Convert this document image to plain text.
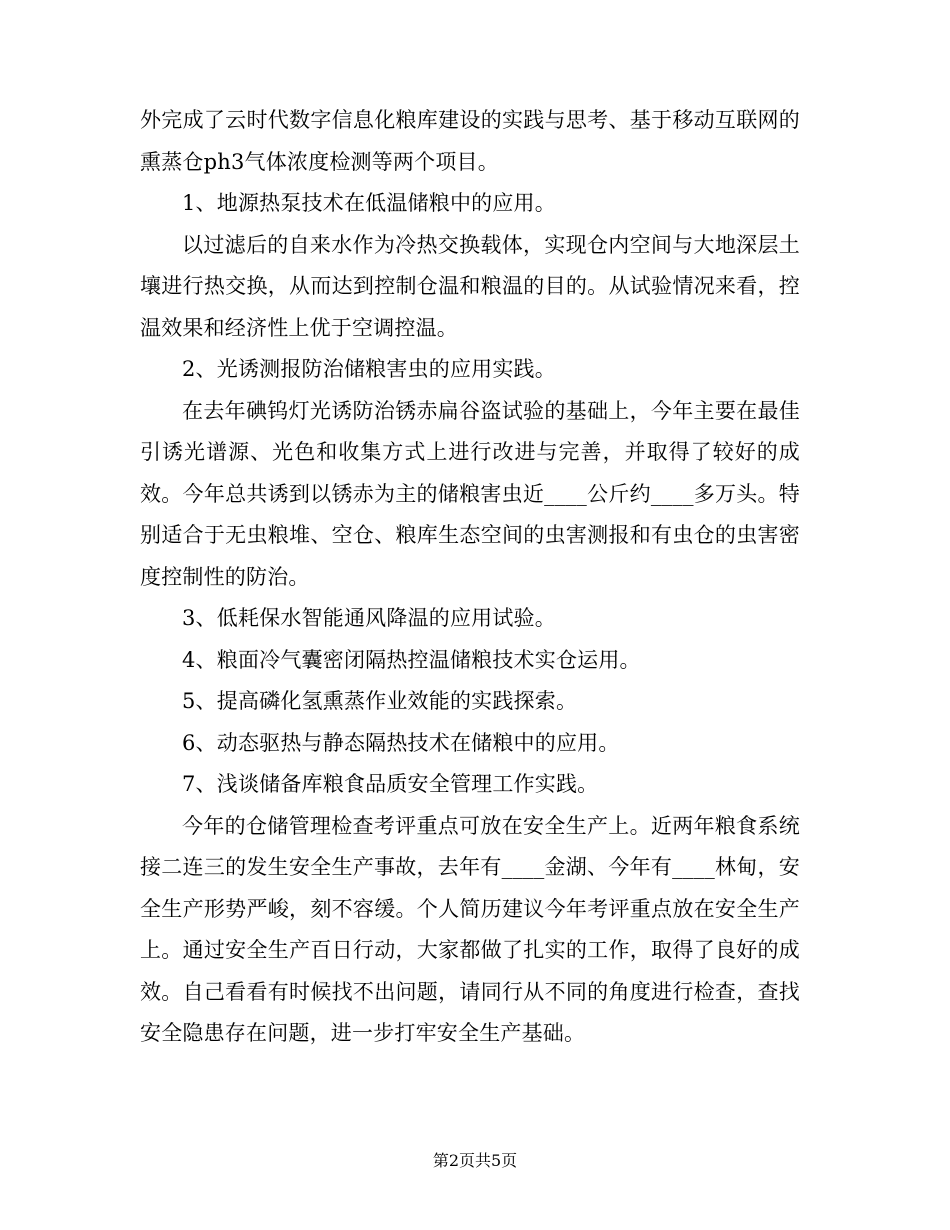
外完成了云时代数字信息化粮库建设的实践与思考、基于移动互联网的熏蒸仓ph3气体浓度检测等两个项目。

1、地源热泵技术在低温储粮中的应用。

以过滤后的自来水作为冷热交换载体，实现仓内空间与大地深层土壤进行热交换，从而达到控制仓温和粮温的目的。从试验情况来看，控温效果和经济性上优于空调控温。

2、光诱测报防治储粮害虫的应用实践。

在去年碘钨灯光诱防治锈赤扁谷盗试验的基础上，今年主要在最佳引诱光谱源、光色和收集方式上进行改进与完善，并取得了较好的成效。今年总共诱到以锈赤为主的储粮害虫近____公斤约____多万头。特别适合于无虫粮堆、空仓、粮库生态空间的虫害测报和有虫仓的虫害密度控制性的防治。

3、低耗保水智能通风降温的应用试验。

4、粮面冷气囊密闭隔热控温储粮技术实仓运用。

5、提高磷化氢熏蒸作业效能的实践探索。

6、动态驱热与静态隔热技术在储粮中的应用。

7、浅谈储备库粮食品质安全管理工作实践。

今年的仓储管理检查考评重点可放在安全生产上。近两年粮食系统接二连三的发生安全生产事故，去年有____金湖、今年有____林甸，安全生产形势严峻，刻不容缓。个人简历建议今年考评重点放在安全生产上。通过安全生产百日行动，大家都做了扎实的工作，取得了良好的成效。自己看看有时候找不出问题，请同行从不同的角度进行检查，查找安全隐患存在问题，进一步打牢安全生产基础。

第2页共5页
